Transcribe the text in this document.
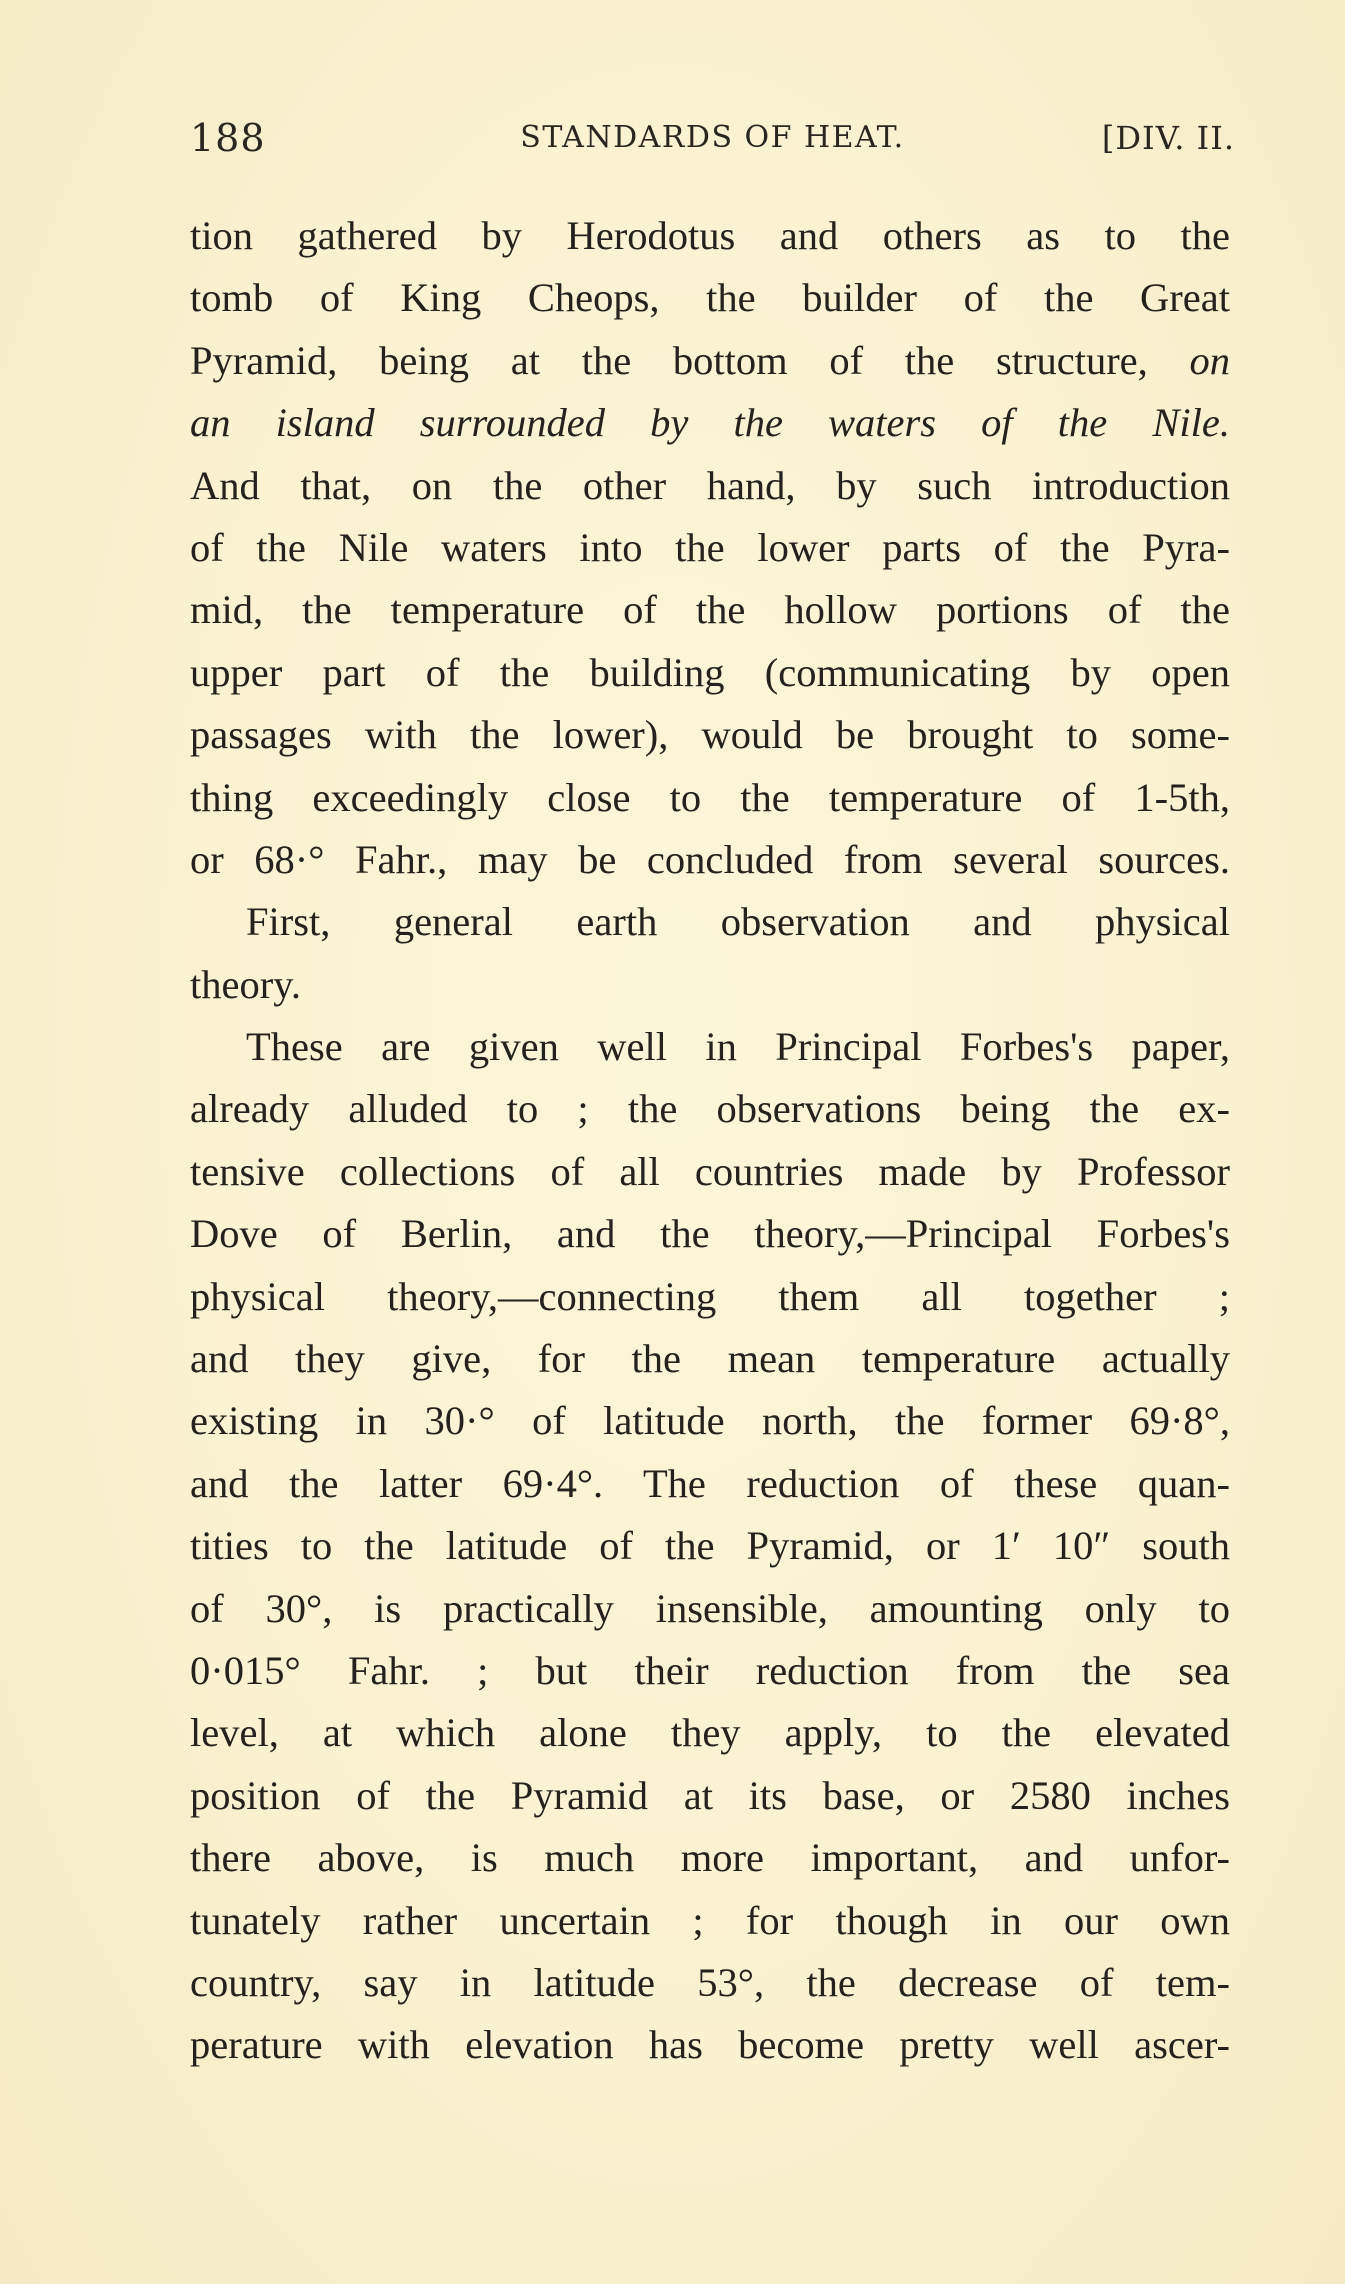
STANDARDS OF HEAT.
188	[DIV. II.
tion gathered by Herodotus and others as to the
tomb of King Cheops, the builder of the Great
Pyramid, being at the bottom of the structure, on
an island surrounded by the waters of the Nile.
And that, on the other hand, by such introduction
of the Nile waters into the lower parts of the Pyra-
mid, the temperature of the hollow portions of the
upper part of the building (communicating by open
passages with the lower), would be brought to some-
thing exceedingly close to the temperature of 1-5th,
or 68·° Fahr., may be concluded from several sources.
First, general earth observation and physical
theory.
These are given well in Principal Forbes's paper,
already alluded to ; the observations being the ex-
tensive collections of all countries made by Professor
Dove of Berlin, and the theory,—Principal Forbes's
physical theory,—connecting them all together ;
and they give, for the mean temperature actually
existing in 30·° of latitude north, the former 69·8°,
and the latter 69·4°. The reduction of these quan-
tities to the latitude of the Pyramid, or 1′ 10″ south
of 30°, is practically insensible, amounting only to
0·015° Fahr. ; but their reduction from the sea
level, at which alone they apply, to the elevated
position of the Pyramid at its base, or 2580 inches
there above, is much more important, and unfor-
tunately rather uncertain ; for though in our own
country, say in latitude 53°, the decrease of tem-
perature with elevation has become pretty well ascer-
